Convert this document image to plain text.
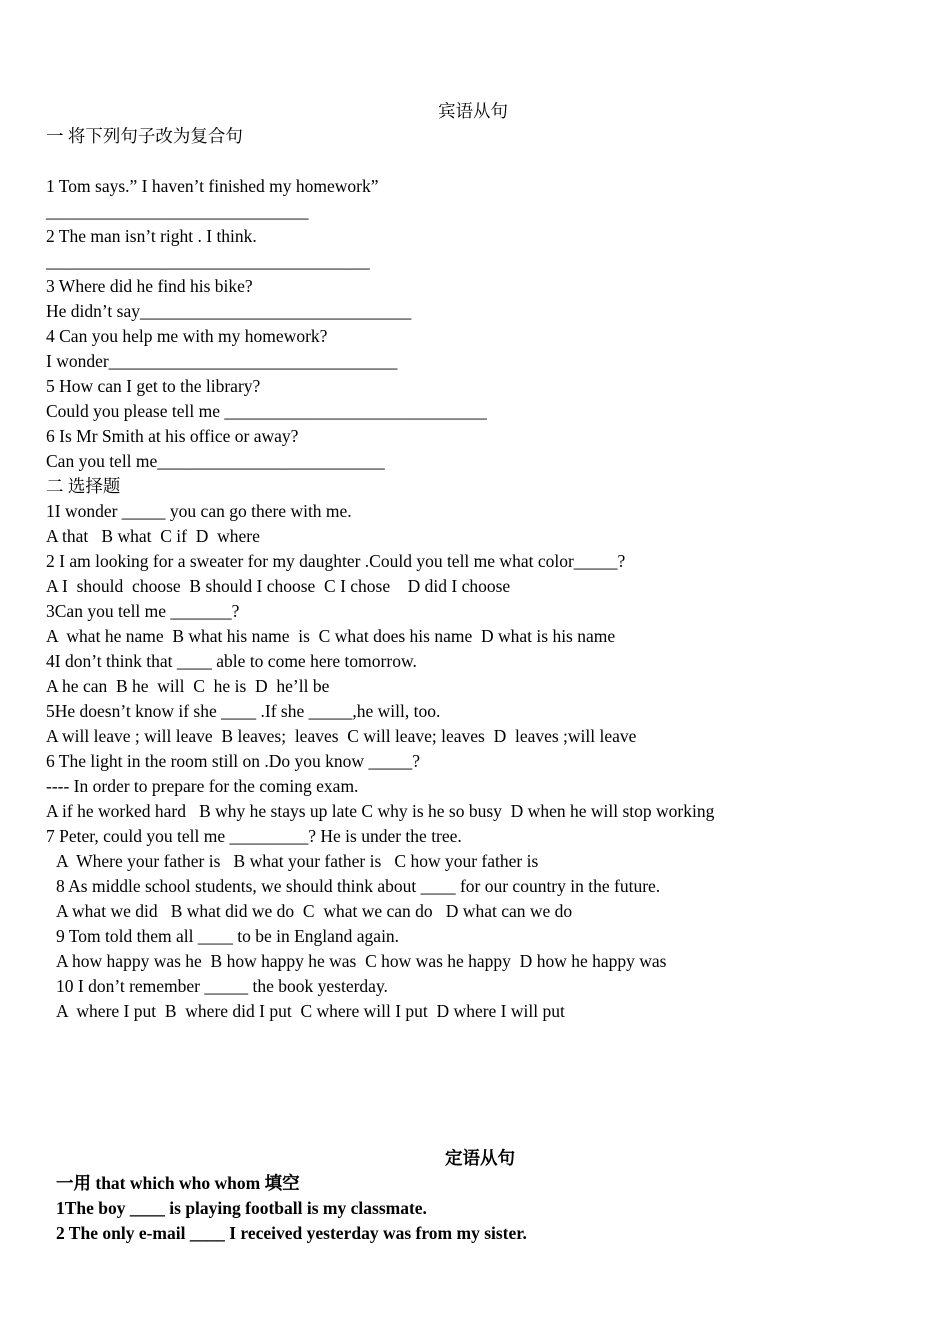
宾语从句
一 将下列句子改为复合句
1 Tom says.” I haven’t finished my homework”
______________________________
2 The man isn’t right . I think.
_____________________________________
3 Where did he find his bike?
He didn’t say_______________________________
4 Can you help me with my homework?
I wonder_________________________________
5 How can I get to the library?
Could you please tell me ______________________________
6 Is Mr Smith at his office or away?
Can you tell me__________________________
二 选择题
1I wonder _____ you can go there with me.
A that   B what  C if  D  where
2 I am looking for a sweater for my daughter .Could you tell me what color_____?
A I  should  choose  B should I choose  C I chose    D did I choose
3Can you tell me _______?
A  what he name  B what his name  is  C what does his name  D what is his name
4I don’t think that ____ able to come here tomorrow.
A he can  B he  will  C  he is  D  he’ll be
5He doesn’t know if she ____ .If she _____,he will, too.
A will leave ; will leave  B leaves;  leaves  C will leave; leaves  D  leaves ;will leave
6 The light in the room still on .Do you know _____?
---- In order to prepare for the coming exam.
A if he worked hard   B why he stays up late C why is he so busy  D when he will stop working
7 Peter, could you tell me _________? He is under the tree.
A  Where your father is   B what your father is   C how your father is
8 As middle school students, we should think about ____ for our country in the future.
A what we did   B what did we do  C  what we can do   D what can we do
9 Tom told them all ____ to be in England again.
A how happy was he  B how happy he was  C how was he happy  D how he happy was
10 I don’t remember _____ the book yesterday.
A  where I put  B  where did I put  C where will I put  D where I will put
定语从句
一用 that which who whom 填空
1The boy ____ is playing football is my classmate.
2 The only e-mail ____ I received yesterday was from my sister.
